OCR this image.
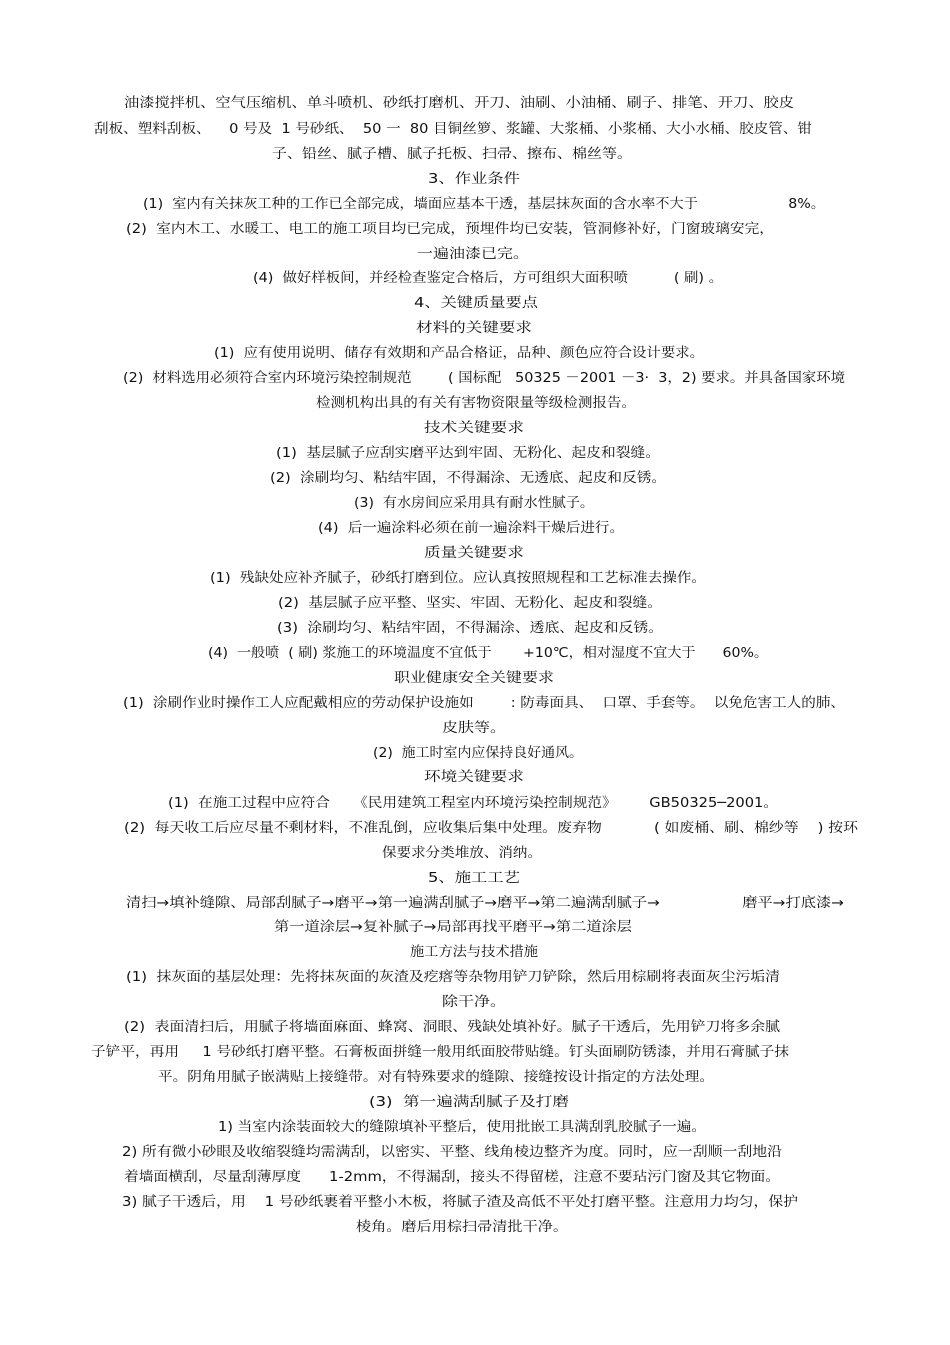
油漆搅拌机、空气压缩机、单斗喷机、砂纸打磨机、开刀、油刷、小油桶、刷子、排笔、开刀、胶皮
刮板、塑料刮板、    0 号及  1 号砂纸、  50 一  80 目铜丝箩、浆罐、大浆桶、小浆桶、大小水桶、胶皮管、钳
子、铅丝、腻子槽、腻子托板、扫帚、擦布、棉丝等。
3、作业条件
(1)  室内有关抹灰工种的工作已全部完成，墙面应基本干透，基层抹灰面的含水率不大于                    8%。
(2)  室内木工、水暖工、电工的施工项目均已完成，预埋件均已安装，管洞修补好，门窗玻璃安完，
一遍油漆已完。
(4)  做好样板间，并经检查鉴定合格后，方可组织大面积喷          ( 刷) 。
4、关键质量要点
材料的关键要求
(1)  应有使用说明、储存有效期和产品合格证，品种、颜色应符合设计要求。
(2)  材料选用必须符合室内环境污染控制规范        ( 国标配   50325 －2001 －3·  3，2) 要求。并具备国家环境
检测机构出具的有关有害物资限量等级检测报告。
技术关键要求
(1)  基层腻子应刮实磨平达到牢固、无粉化、起皮和裂缝。
(2)  涂刷均匀、粘结牢固，不得漏涂、无透底、起皮和反锈。
(3)  有水房间应采用具有耐水性腻子。
(4)  后一遍涂料必须在前一遍涂料干燥后进行。
质量关键要求
(1)  残缺处应补齐腻子，砂纸打磨到位。应认真按照规程和工艺标准去操作。
(2)  基层腻子应平整、坚实、牢固、无粉化、起皮和裂缝。
(3)  涂刷均匀、粘结牢固，不得漏涂、透底、起皮和反锈。
(4)  一般喷  ( 刷) 浆施工的环境温度不宜低于       +10℃，相对湿度不宜大于      60%。
职业健康安全关键要求
(1)  涂刷作业时操作工人应配戴相应的劳动保护设施如        : 防毒面具、  口罩、手套等。  以免危害工人的肺、
皮肤等。
(2)  施工时室内应保持良好通风。
环境关键要求
(1)  在施工过程中应符合     《民用建筑工程室内环境污染控制规范》       GB50325─2001。
(2)  每天收工后应尽量不剩材料，不准乱倒，应收集后集中处理。废弃物           ( 如废桶、刷、棉纱等    ) 按环
保要求分类堆放、消纳。
5、施工工艺
清扫→填补缝隙、局部刮腻子→磨平→第一遍满刮腻子→磨平→第二遍满刮腻子→                 磨平→打底漆→
第一道涂层→复补腻子→局部再找平磨平→第二道涂层
施工方法与技术措施
(1)  抹灰面的基层处理：先将抹灰面的灰渣及疙瘩等杂物用铲刀铲除，然后用棕刷将表面灰尘污垢清
除干净。
(2)  表面清扫后，用腻子将墙面麻面、蜂窝、洞眼、残缺处填补好。腻子干透后，先用铲刀将多余腻
子铲平，再用     1 号砂纸打磨平整。石膏板面拼缝一般用纸面胶带贴缝。钉头面刷防锈漆，并用石膏腻子抹
平。阴角用腻子嵌满贴上接缝带。对有特殊要求的缝隙、接缝按设计指定的方法处理。
(3)  第一遍满刮腻子及打磨
1) 当室内涂装面较大的缝隙填补平整后，使用批嵌工具满刮乳胶腻子一遍。
2) 所有微小砂眼及收缩裂缝均需满刮，以密实、平整、线角棱边整齐为度。同时，应一刮顺一刮地沿
着墙面横刮，尽量刮薄厚度      1-2mm，不得漏刮，接头不得留槎，注意不要玷污门窗及其它物面。
3) 腻子干透后，用    1 号砂纸裹着平整小木板，将腻子渣及高低不平处打磨平整。注意用力均匀，保护
棱角。磨后用棕扫帚清批干净。
